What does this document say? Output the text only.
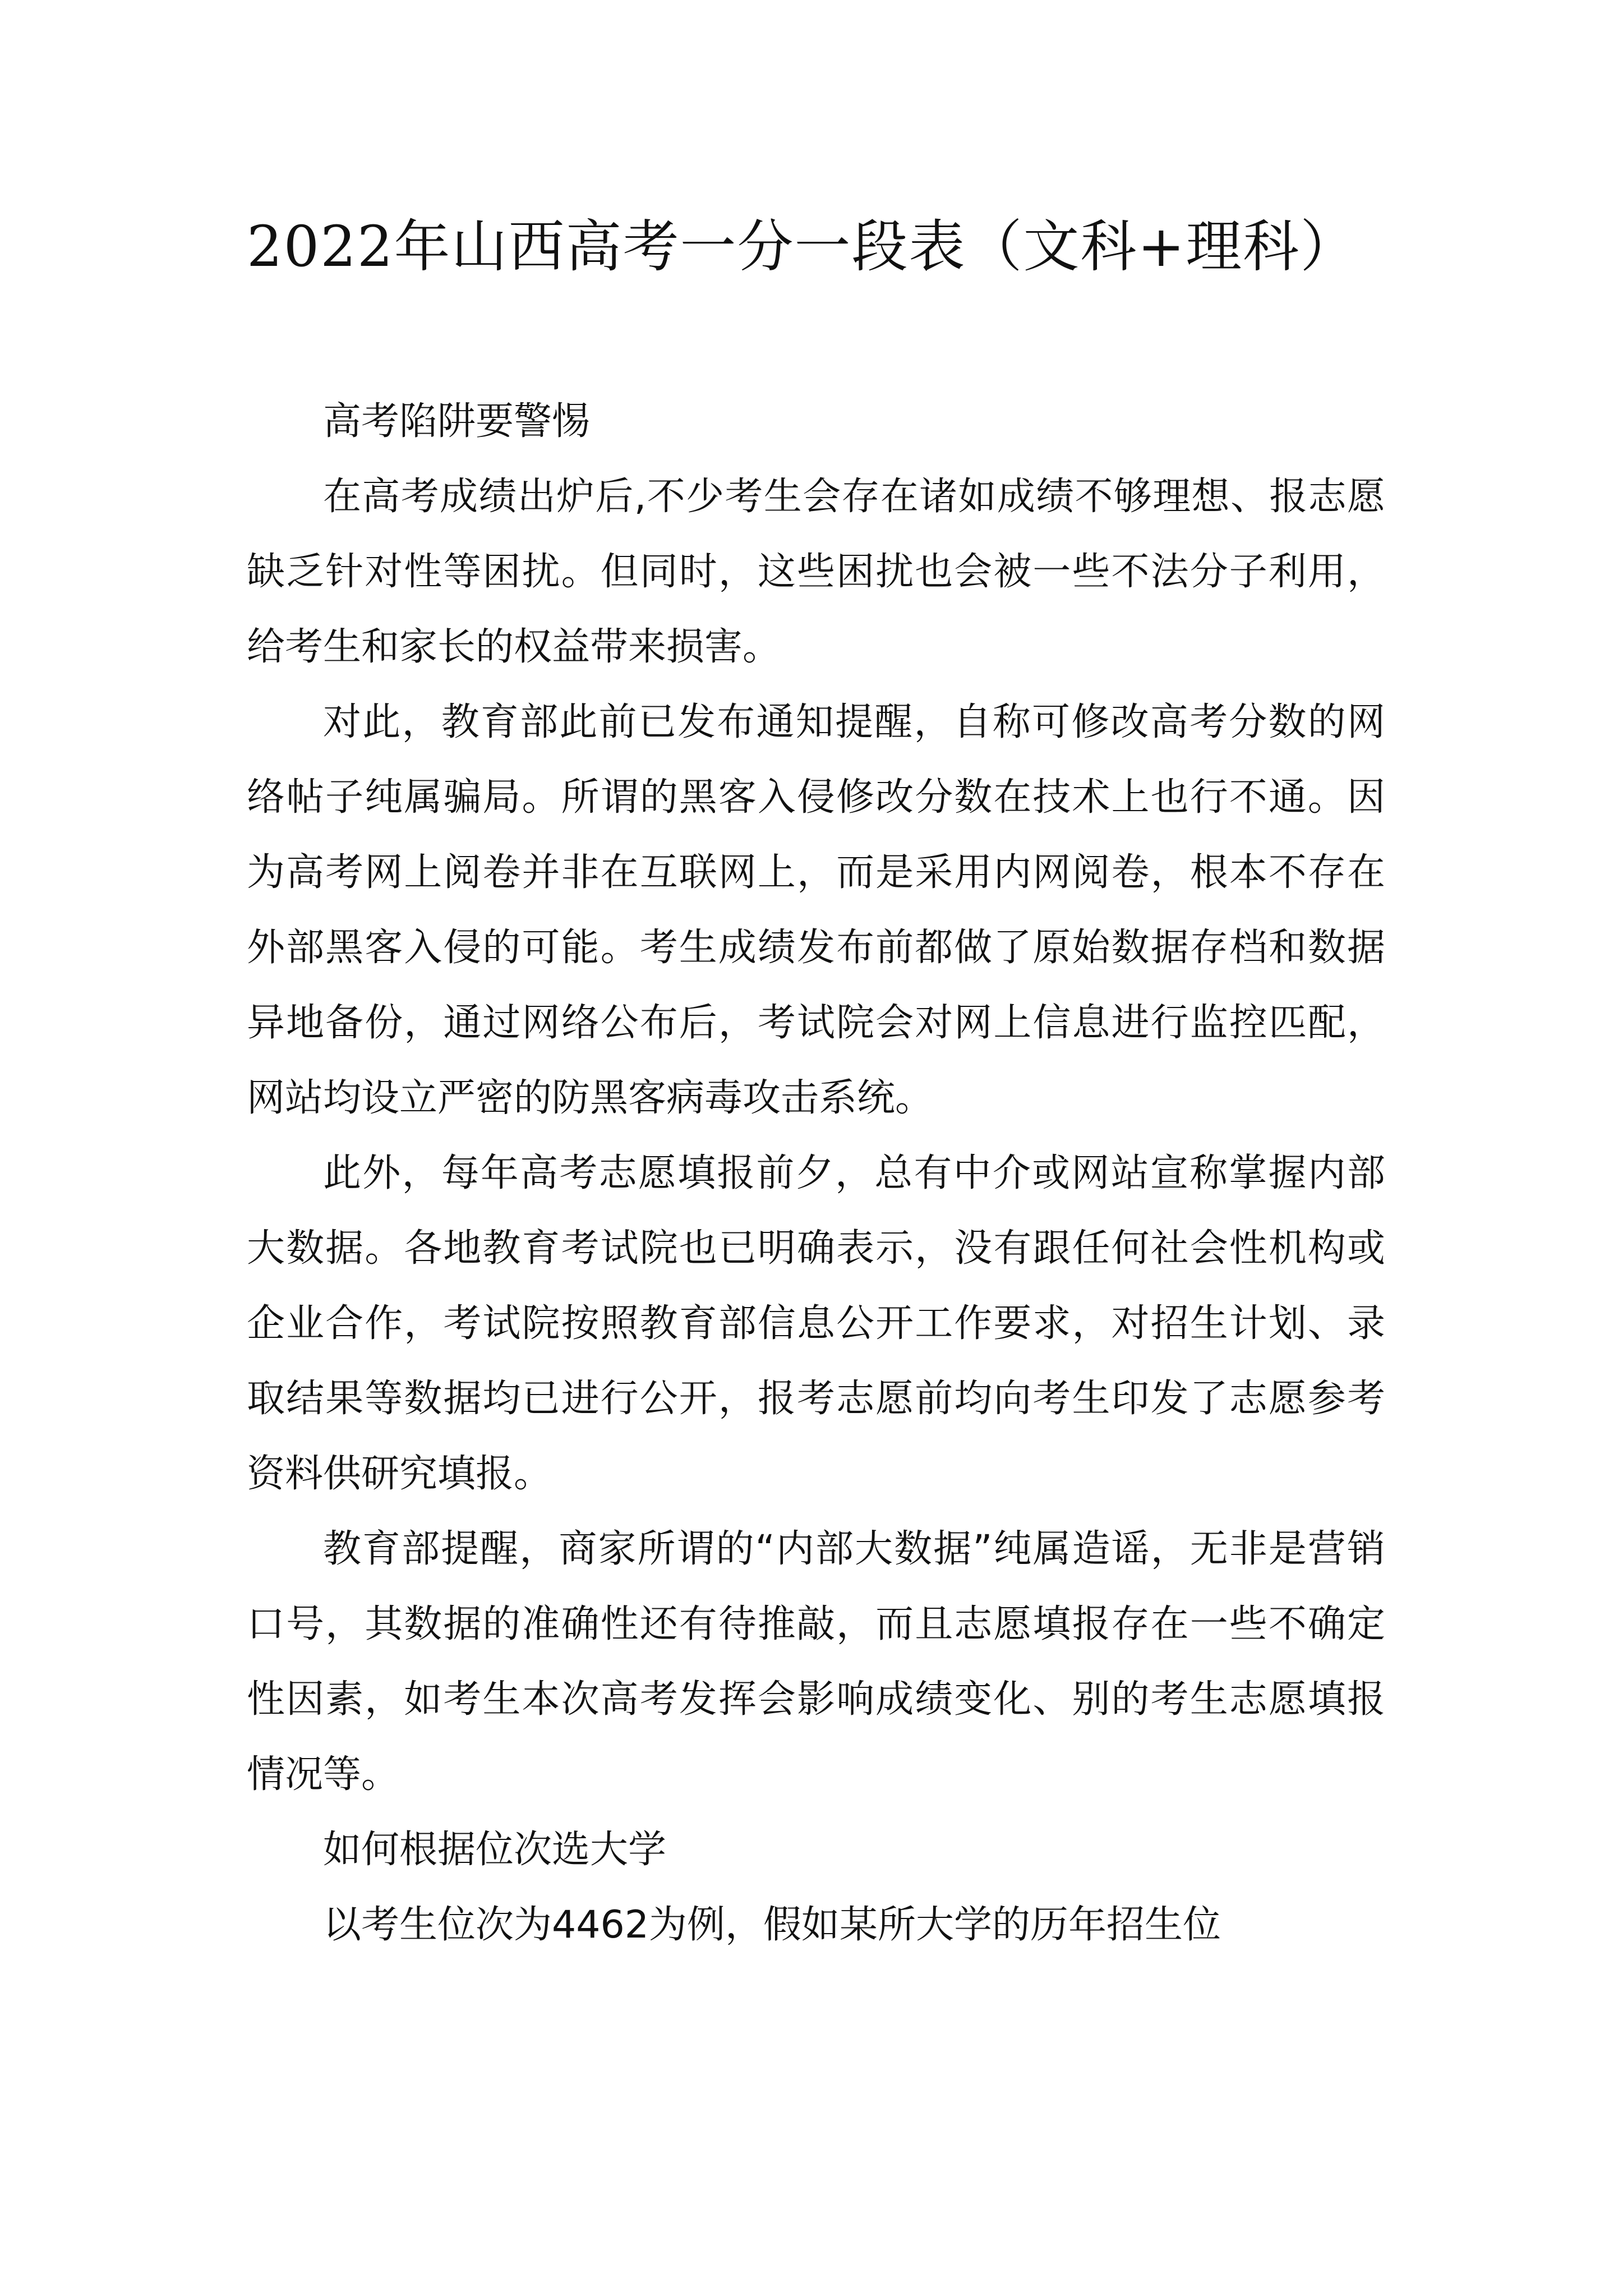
2022年山西高考一分一段表（文科+理科）

高考陷阱要警惕

在高考成绩出炉后,不少考生会存在诸如成绩不够理想、报志愿缺乏针对性等困扰。但同时，这些困扰也会被一些不法分子利用，给考生和家长的权益带来损害。

对此，教育部此前已发布通知提醒，自称可修改高考分数的网络帖子纯属骗局。所谓的黑客入侵修改分数在技术上也行不通。因为高考网上阅卷并非在互联网上，而是采用内网阅卷，根本不存在外部黑客入侵的可能。考生成绩发布前都做了原始数据存档和数据异地备份，通过网络公布后，考试院会对网上信息进行监控匹配，网站均设立严密的防黑客病毒攻击系统。

此外，每年高考志愿填报前夕，总有中介或网站宣称掌握内部大数据。各地教育考试院也已明确表示，没有跟任何社会性机构或企业合作，考试院按照教育部信息公开工作要求，对招生计划、录取结果等数据均已进行公开，报考志愿前均向考生印发了志愿参考资料供研究填报。

教育部提醒，商家所谓的“内部大数据”纯属造谣，无非是营销口号，其数据的准确性还有待推敲，而且志愿填报存在一些不确定性因素，如考生本次高考发挥会影响成绩变化、别的考生志愿填报情况等。

如何根据位次选大学

以考生位次为4462为例，假如某所大学的历年招生位
